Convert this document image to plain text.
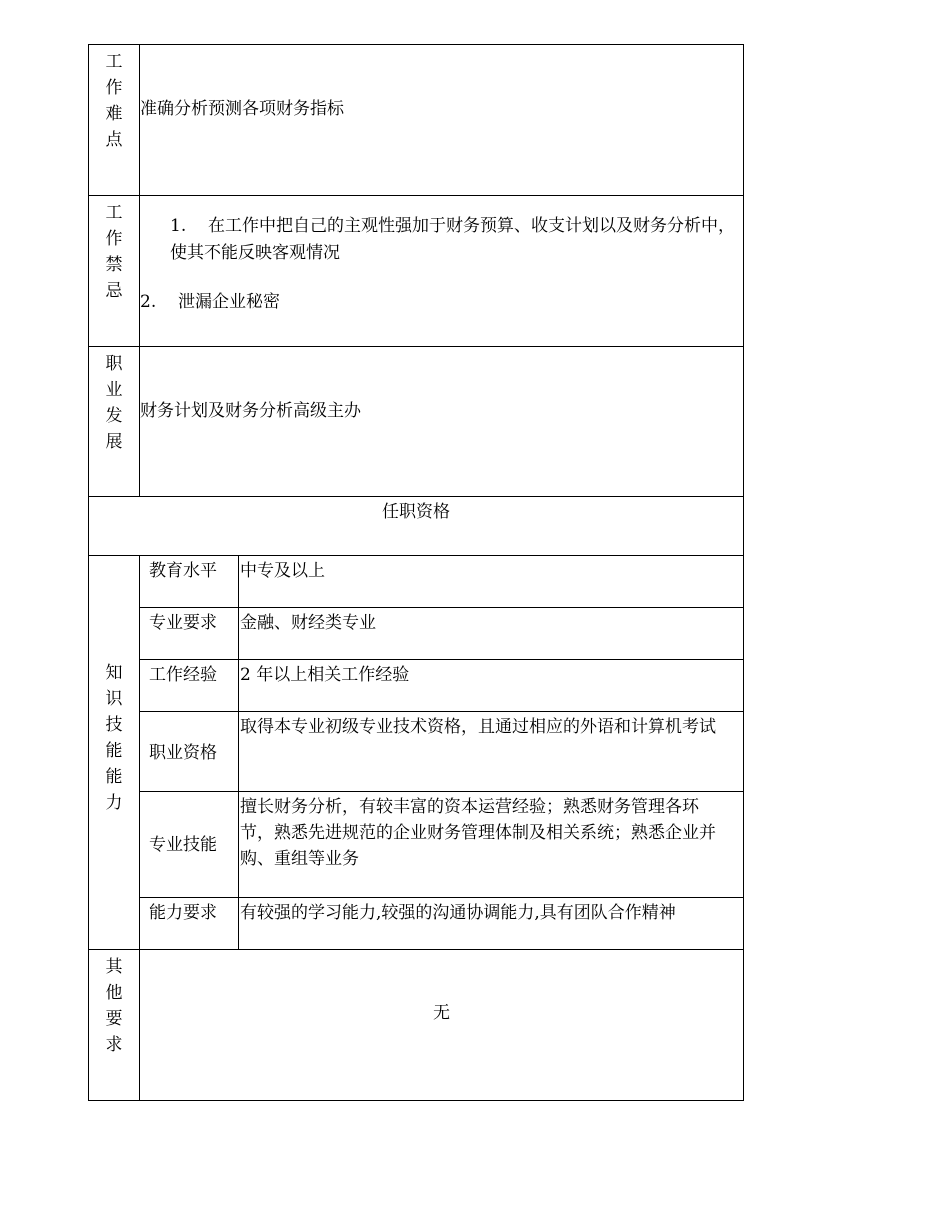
工作难点	准确分析预测各项财务指标	

工作禁忌	1. 在工作中把自己的主观性强加于财务预算、收支计划以及财务分析中，使其不能反映客观情况
2. 泄漏企业秘密	

职业发展	财务计划及财务分析高级主办	

任职资格		

知识技能能力	教育水平	中专及以上
	专业要求	金融、财经类专业
	工作经验	2 年以上相关工作经验
	职业资格	取得本专业初级专业技术资格，且通过相应的外语和计算机考试
	专业技能	擅长财务分析，有较丰富的资本运营经验；熟悉财务管理各环节，熟悉先进规范的企业财务管理体制及相关系统；熟悉企业并购、重组等业务
	能力要求	有较强的学习能力,较强的沟通协调能力,具有团队合作精神

其他要求	无	
